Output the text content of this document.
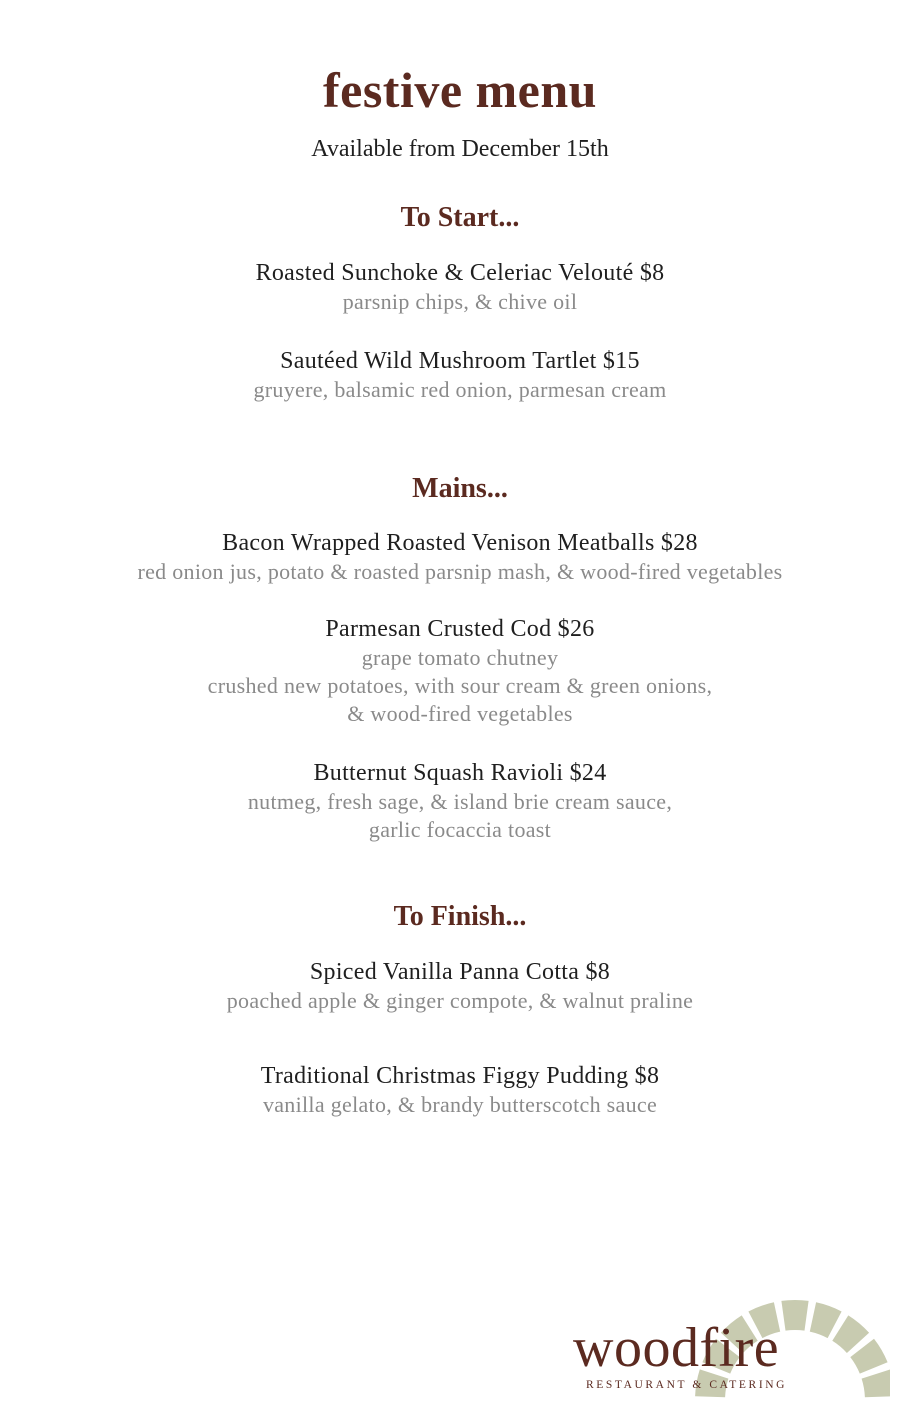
festive menu
Available from December 15th
To Start...
Roasted Sunchoke & Celeriac Velouté $8
parsnip chips, & chive oil
Sautéed Wild Mushroom Tartlet $15
gruyere, balsamic red onion, parmesan cream
Mains...
Bacon Wrapped Roasted Venison Meatballs $28
red onion jus, potato & roasted parsnip mash, & wood-fired vegetables
Parmesan Crusted Cod $26
grape tomato chutney
crushed new potatoes, with sour cream & green onions,
& wood-fired vegetables
Butternut Squash Ravioli $24
nutmeg, fresh sage, & island brie cream sauce,
garlic focaccia toast
To Finish...
Spiced Vanilla Panna Cotta $8
poached apple & ginger compote, & walnut praline
Traditional Christmas Figgy Pudding $8
vanilla gelato, & brandy butterscotch sauce
woodfire
RESTAURANT & CATERING
